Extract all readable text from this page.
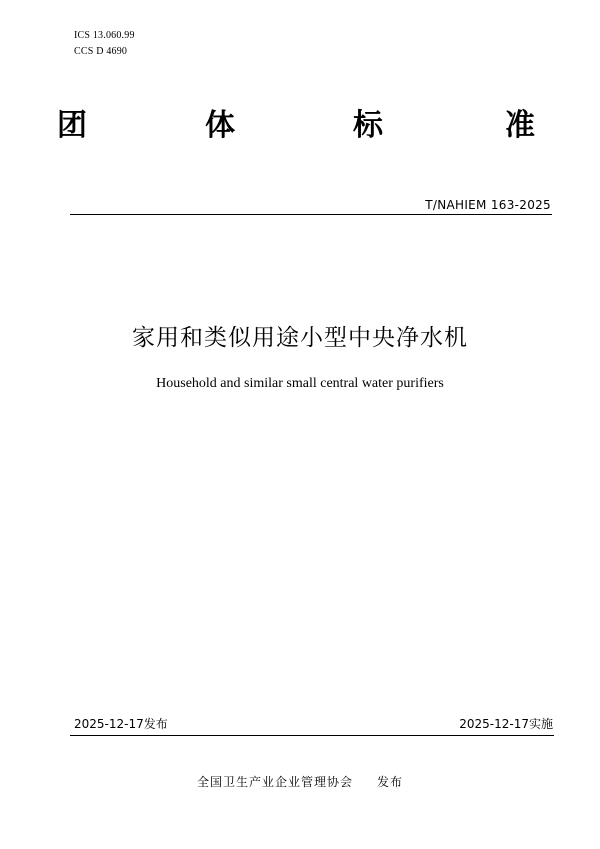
ICS 13.060.99
CCS D 4690
团	体	标	准
T/NAHIEM 163-2025
家用和类似用途小型中央净水机
Household and similar small central water purifiers
2025-12-17发布	2025-12-17实施
全国卫生产业企业管理协会 发布
